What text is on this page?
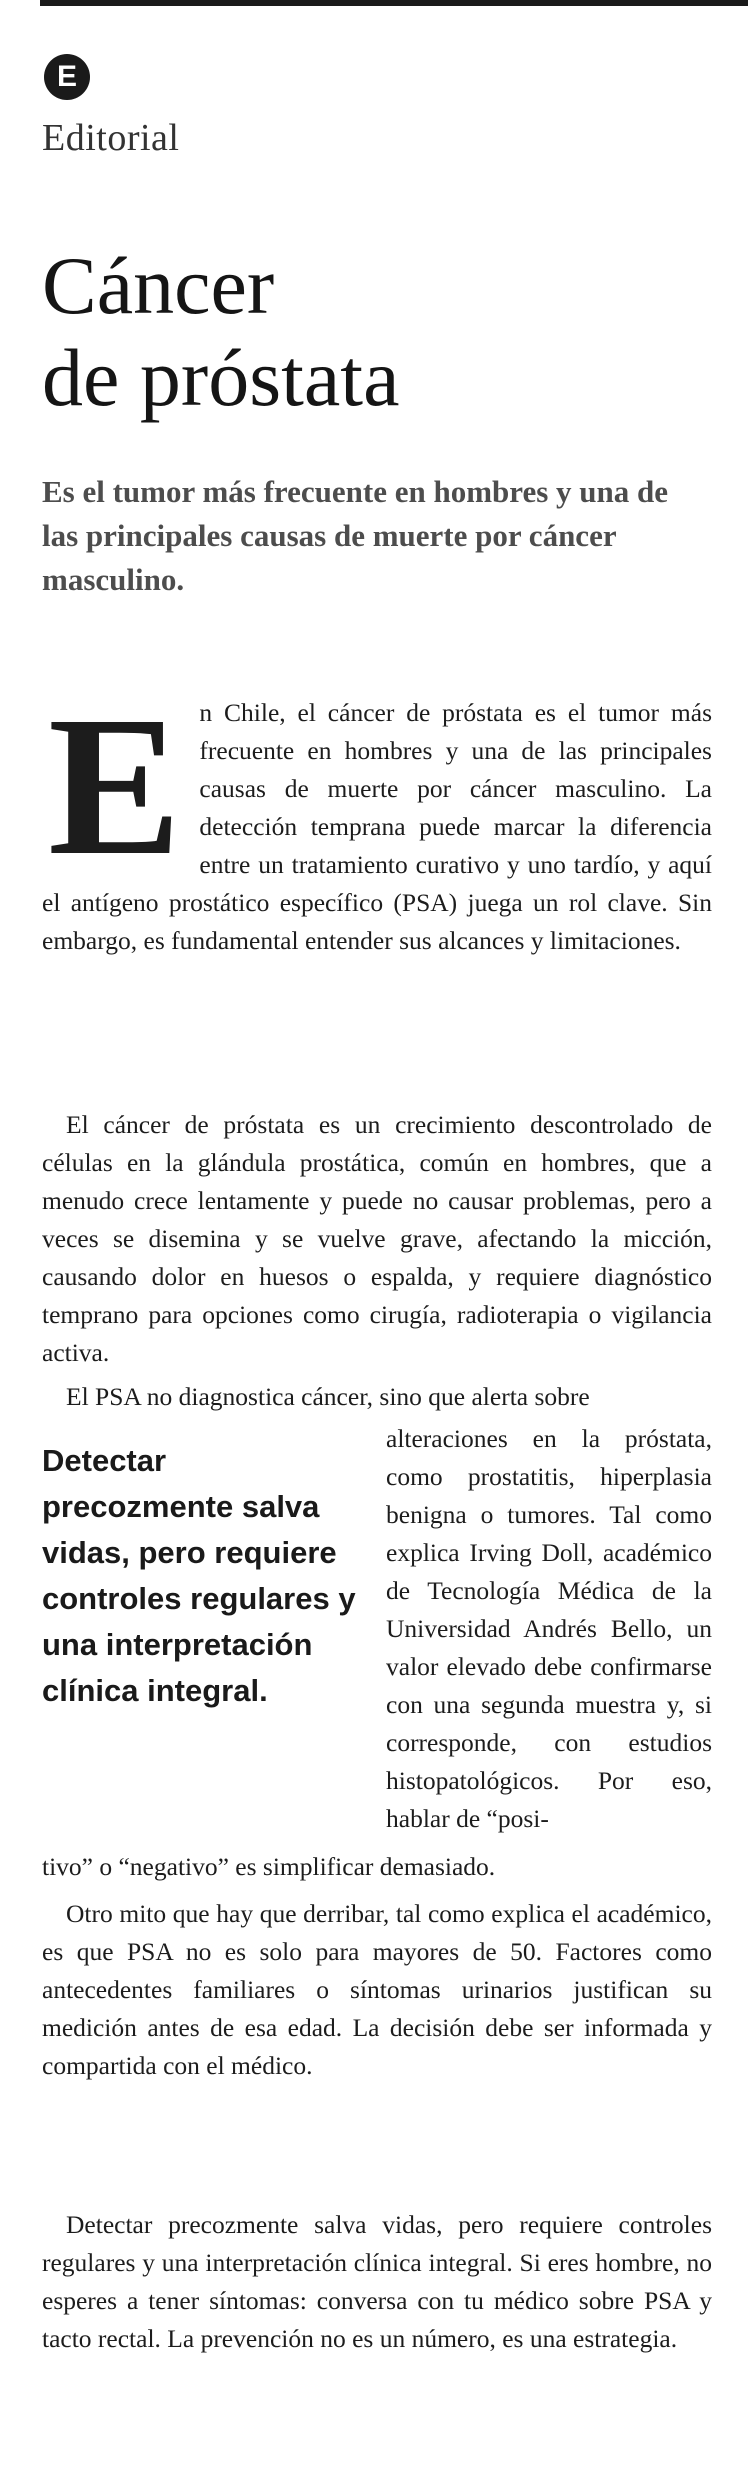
E
Editorial
Cáncer
de próstata

Es el tumor más frecuente en hombres y una de las principales causas de muerte por cáncer masculino.

E n Chile, el cáncer de próstata es el tumor más frecuente en hombres y una de las principales causas de muerte por cáncer masculino. La detección temprana puede marcar la diferencia entre un tratamiento curativo y uno tardío, y aquí el antígeno prostático específico (PSA) juega un rol clave. Sin embargo, es fundamental entender sus alcances y limitaciones.

El cáncer de próstata es un crecimiento descontrolado de células en la glándula prostática, común en hombres, que a menudo crece lentamente y puede no causar problemas, pero a veces se disemina y se vuelve grave, afectando la micción, causando dolor en huesos o espalda, y requiere diagnóstico temprano para opciones como cirugía, radioterapia o vigilancia activa.

El PSA no diagnostica cáncer, sino que alerta sobre

Detectar precozmente salva vidas, pero requiere controles regulares y una interpretación clínica integral.

alteraciones en la próstata, como prostatitis, hiperplasia benigna o tumores. Tal como explica Irving Doll, académico de Tecnología Médica de la Universidad Andrés Bello, un valor elevado debe confirmarse con una segunda muestra y, si corresponde, con estudios histopatológicos. Por eso, hablar de “posi-

tivo” o “negativo” es simplificar demasiado.

Otro mito que hay que derribar, tal como explica el académico, es que PSA no es solo para mayores de 50. Factores como antecedentes familiares o síntomas urinarios justifican su medición antes de esa edad. La decisión debe ser informada y compartida con el médico.

Detectar precozmente salva vidas, pero requiere controles regulares y una interpretación clínica integral. Si eres hombre, no esperes a tener síntomas: conversa con tu médico sobre PSA y tacto rectal. La prevención no es un número, es una estrategia.
